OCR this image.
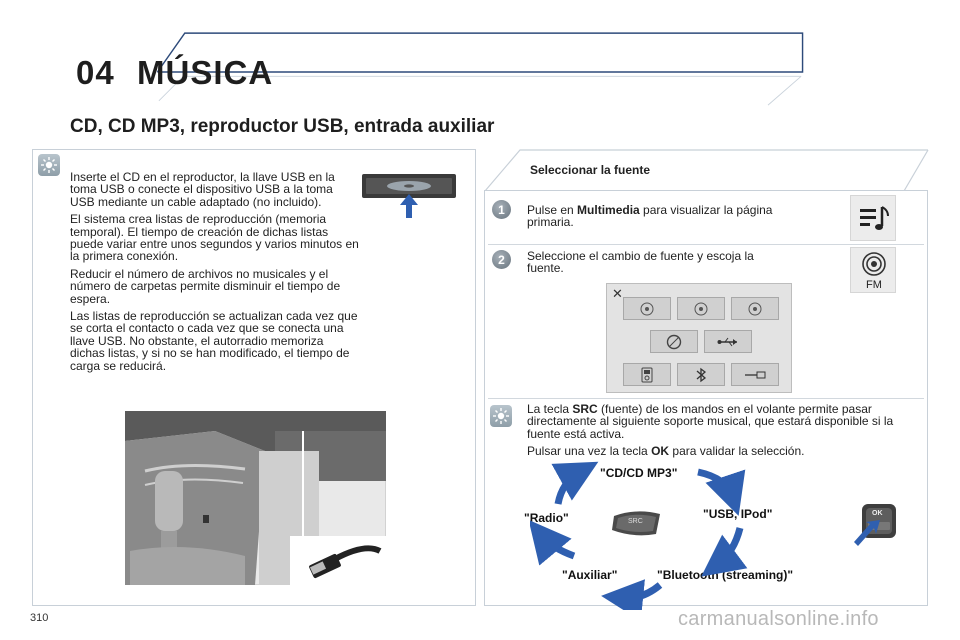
04 MÚSICA
CD, CD MP3, reproductor USB, entrada auxiliar

Inserte el CD en el reproductor, la llave USB en la toma USB o conecte el dispositivo USB a la toma USB mediante un cable adaptado (no incluido).

El sistema crea listas de reproducción (memoria temporal). El tiempo de creación de dichas listas puede variar entre unos segundos y varios minutos en la primera conexión.

Reducir el número de archivos no musicales y el número de carpetas permite disminuir el tiempo de espera.

Las listas de reproducción se actualizan cada vez que se corta el contacto o cada vez que se conecta una llave USB. No obstante, el autorradio memoriza dichas listas, y si no se han modificado, el tiempo de carga se reducirá.

Seleccionar la fuente
1	Pulse en Multimedia para visualizar la página primaria.
2	Seleccione el cambio de fuente y escoja la fuente.
FM
✕

La tecla SRC (fuente) de los mandos en el volante permite pasar directamente al siguiente soporte musical, que estará disponible si la fuente está activa.

Pulsar una vez la tecla OK para validar la selección.

"CD/CD MP3"
"USB, IPod"
"Bluetooth (streaming)"
"Auxiliar"
"Radio"	SRC
OK
310	carmanualsonline.info
